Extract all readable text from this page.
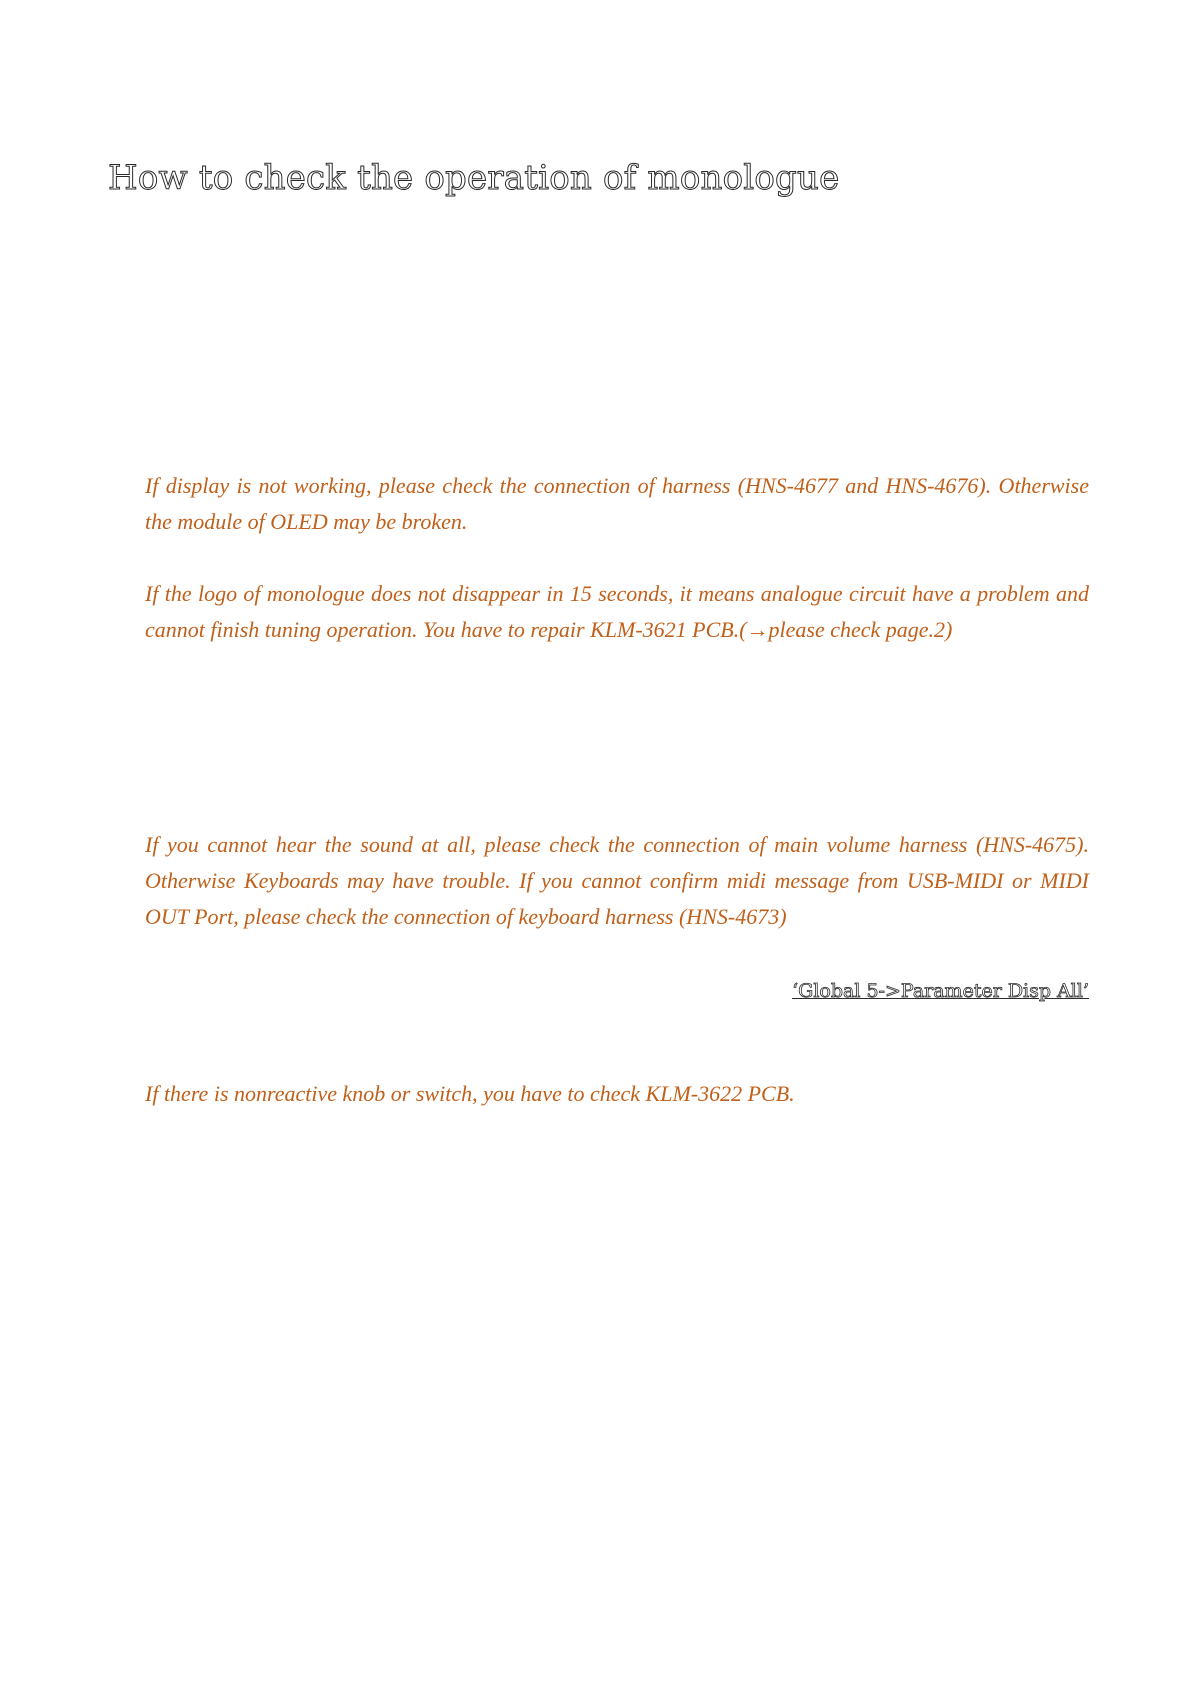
How to check the operation of monologue

If display is not working, please check the connection of harness (HNS-4677 and HNS-4676). Otherwise the module of OLED may be broken.

If the logo of monologue does not disappear in 15 seconds, it means analogue circuit have a problem and cannot finish tuning operation. You have to repair KLM-3621 PCB.(→please check page.2)

If you cannot hear the sound at all, please check the connection of main volume harness (HNS-4675). Otherwise Keyboards may have trouble. If you cannot confirm midi message from USB-MIDI or MIDI OUT Port, please check the connection of keyboard harness (HNS-4673)

‘Global 5->Parameter Disp All’

If there is nonreactive knob or switch, you have to check KLM-3622 PCB.
